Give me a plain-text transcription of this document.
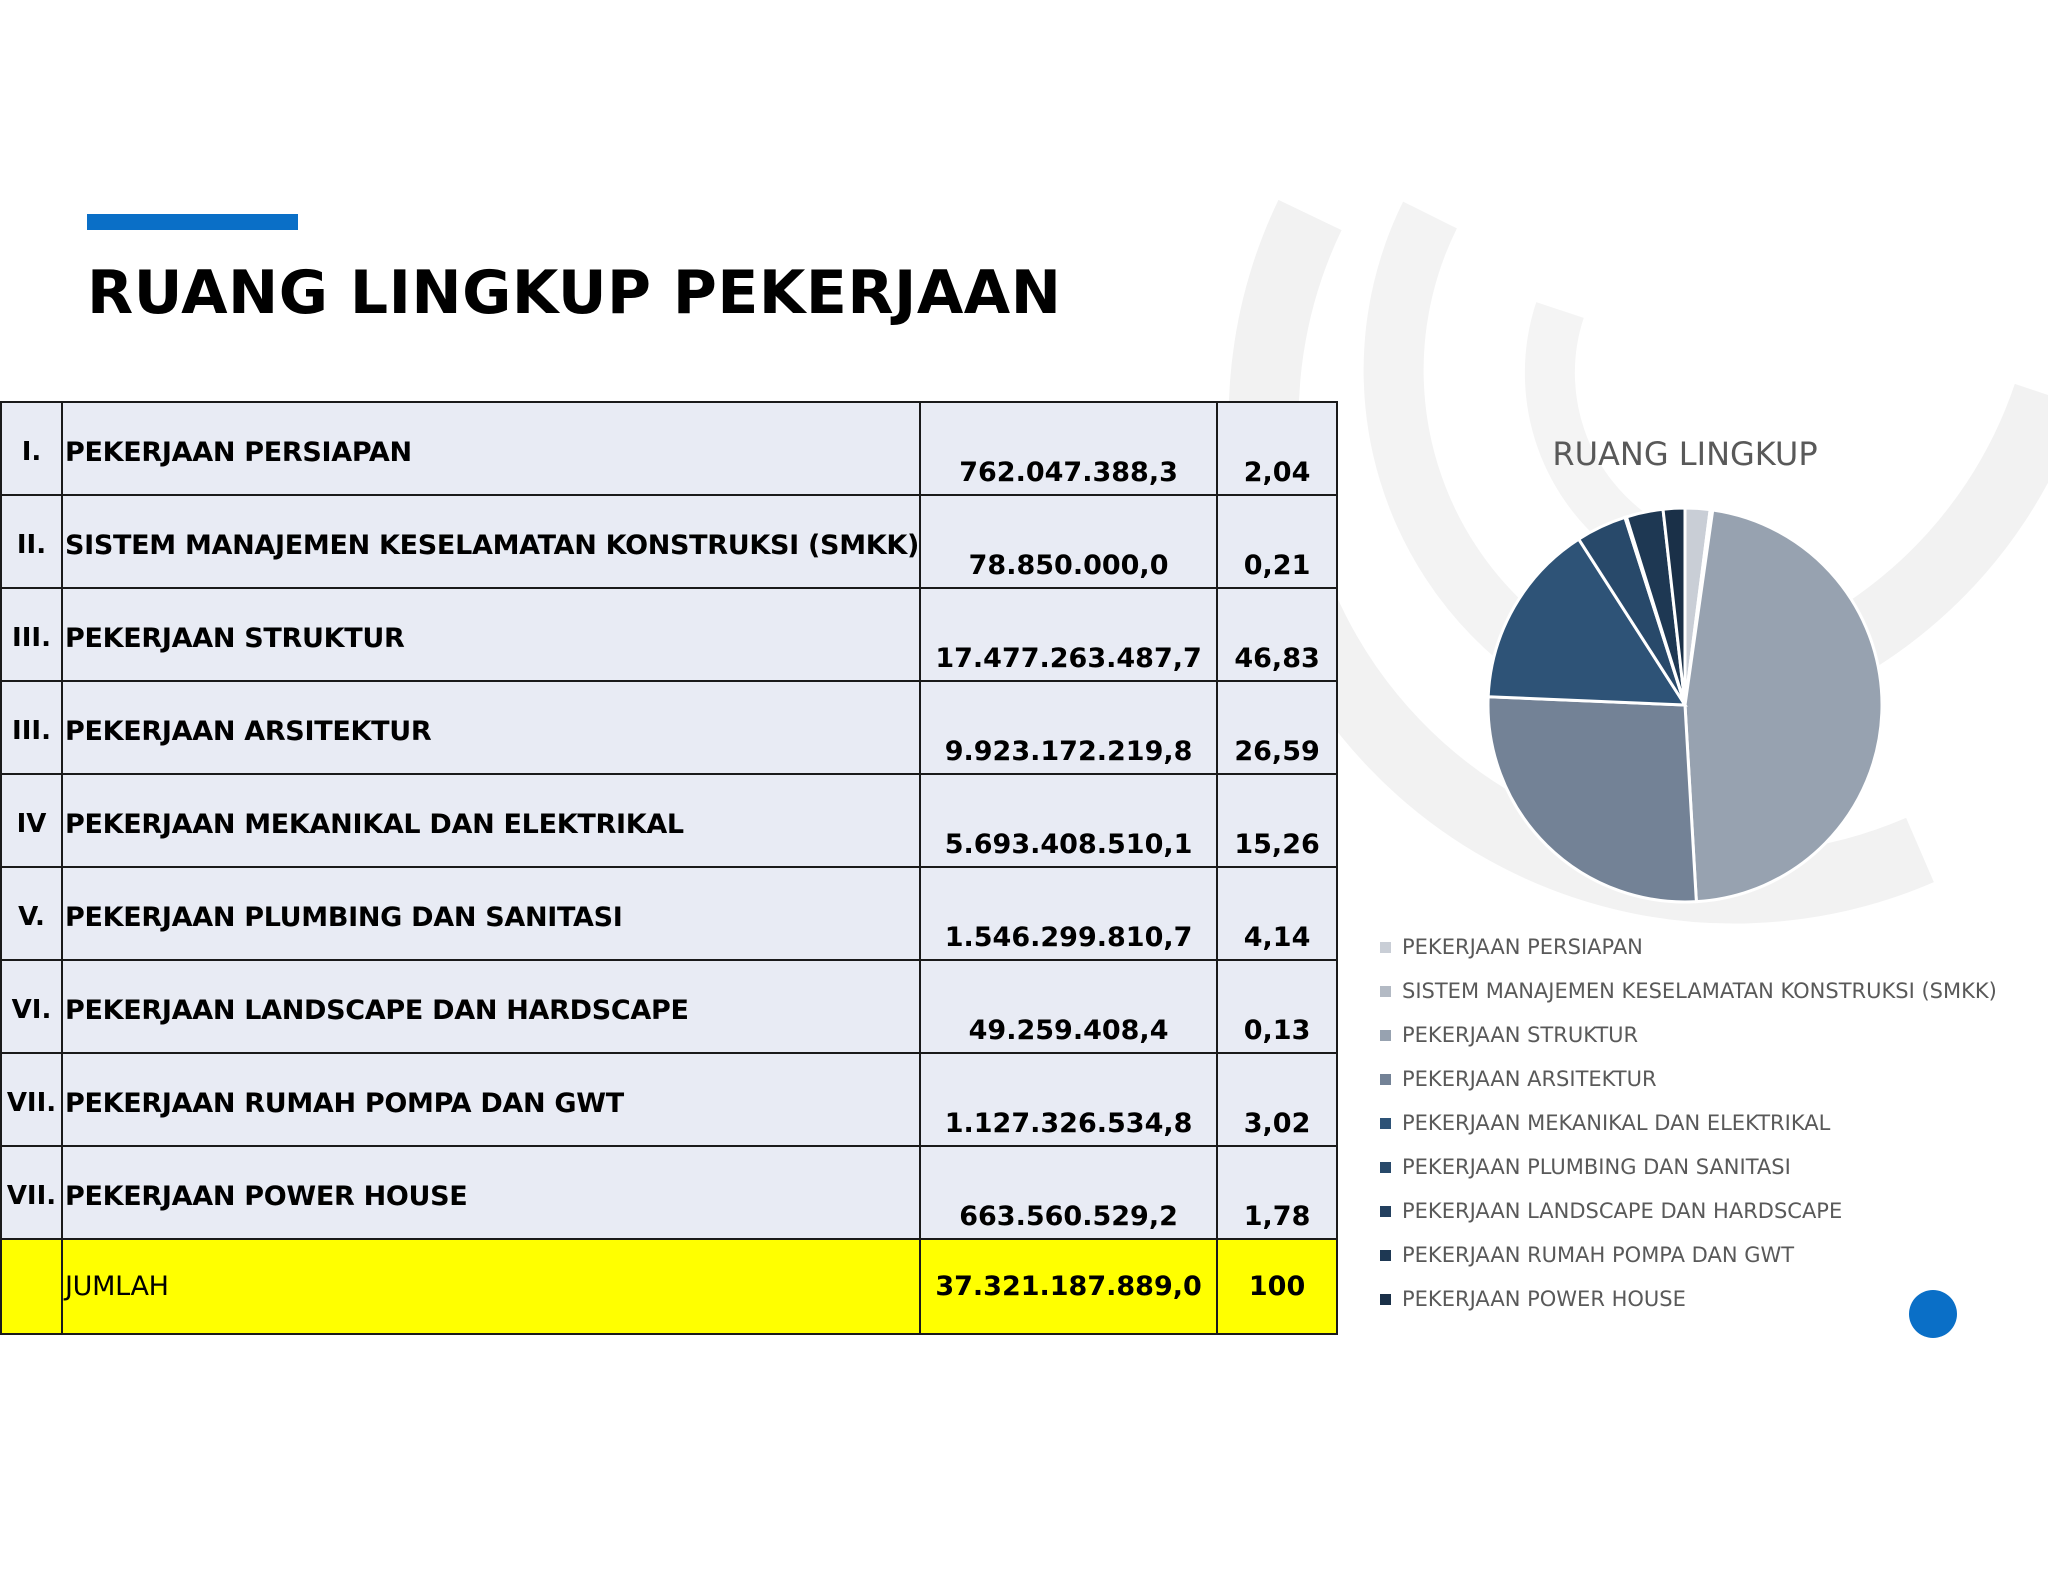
RUANG LINGKUP PEKERJAAN
I.	PEKERJAAN PERSIAPAN	762.047.388,3	2,04
II.	SISTEM MANAJEMEN KESELAMATAN KONSTRUKSI (SMKK)	78.850.000,0	0,21
III.	PEKERJAAN STRUKTUR	17.477.263.487,7	46,83
III.	PEKERJAAN ARSITEKTUR	9.923.172.219,8	26,59
IV	PEKERJAAN MEKANIKAL DAN ELEKTRIKAL	5.693.408.510,1	15,26
V.	PEKERJAAN PLUMBING DAN SANITASI	1.546.299.810,7	4,14
VI.	PEKERJAAN LANDSCAPE DAN HARDSCAPE	49.259.408,4	0,13
VII.	PEKERJAAN RUMAH POMPA DAN GWT	1.127.326.534,8	3,02
VII.	PEKERJAAN POWER HOUSE	663.560.529,2	1,78
	JUMLAH	37.321.187.889,0	100
RUANG LINGKUP
PEKERJAAN PERSIAPAN
SISTEM MANAJEMEN KESELAMATAN KONSTRUKSI (SMKK)
PEKERJAAN STRUKTUR
PEKERJAAN ARSITEKTUR
PEKERJAAN MEKANIKAL DAN ELEKTRIKAL
PEKERJAAN PLUMBING DAN SANITASI
PEKERJAAN LANDSCAPE DAN HARDSCAPE
PEKERJAAN RUMAH POMPA DAN GWT
PEKERJAAN POWER HOUSE
